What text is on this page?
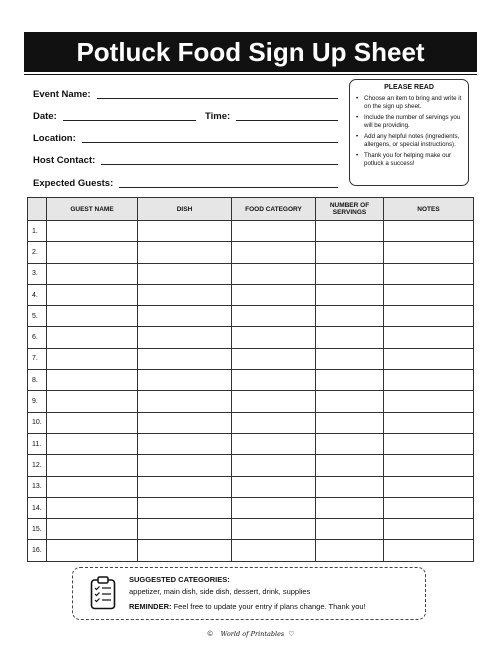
Potluck Food Sign Up Sheet
Event Name:
Date:	Time:
Location:
Host Contact:
Expected Guests:
PLEASE READ
• Choose an item to bring and write it on the sign up sheet.
• Include the number of servings you will be providing.
• Add any helpful notes (ingredients, allergens, or special instructions).
• Thank you for helping make our potluck a success!
	GUEST NAME	DISH	FOOD CATEGORY	NUMBER OF SERVINGS	NOTES
1.					
2.					
3.					
4.					
5.					
6.					
7.					
8.					
9.					
10.					
11.					
12.					
13.					
14.					
15.					
16.					
SUGGESTED CATEGORIES:
appetizer, main dish, side dish, dessert, drink, supplies
REMINDER: Feel free to update your entry if plans change. Thank you!
© World of Printables ♡
